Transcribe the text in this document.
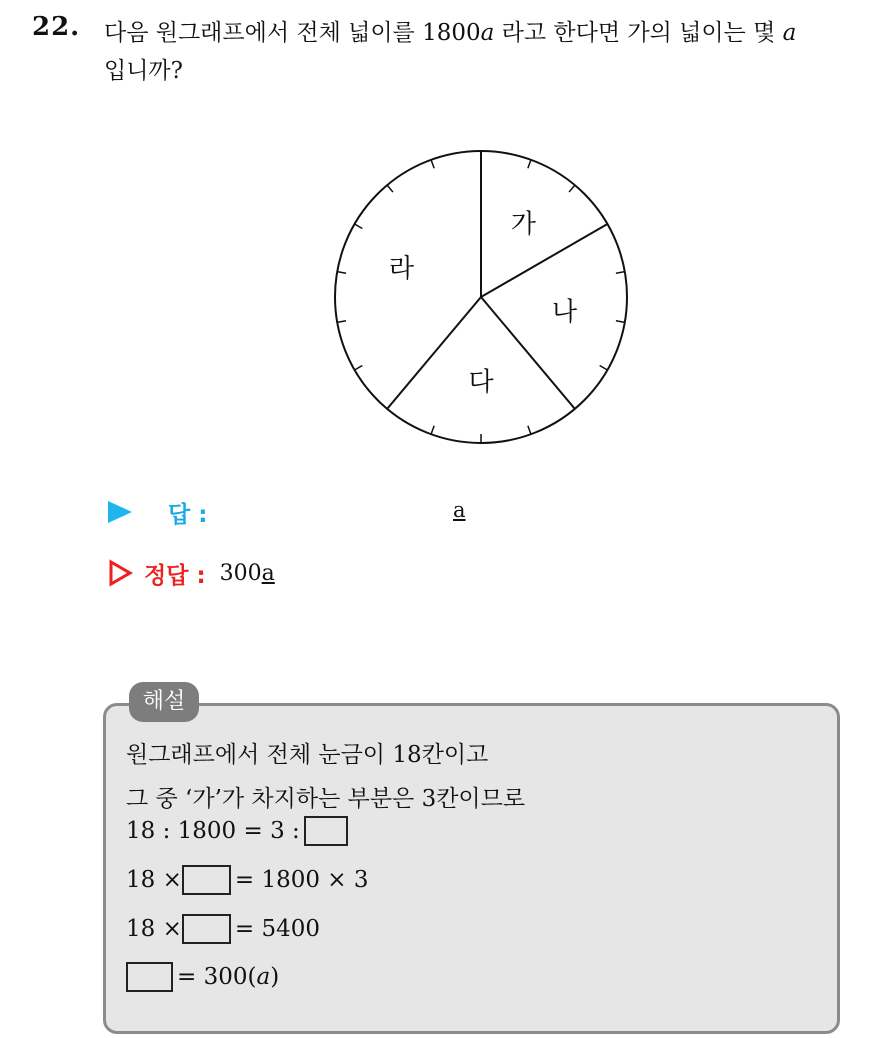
22. 다음 원그래프에서 전체 넓이를 1800a 라고 한다면 가의 넓이는 몇 a
입니까?
가
나
다
라
답 :	a
정답 : 300a
해설
원그래프에서 전체 눈금이 18칸이고
그 중 ‘가’가 차지하는 부분은 3칸이므로
18 : 1800 = 3 :
18 × = 1800 × 3
18 × = 5400
= 300( a )
